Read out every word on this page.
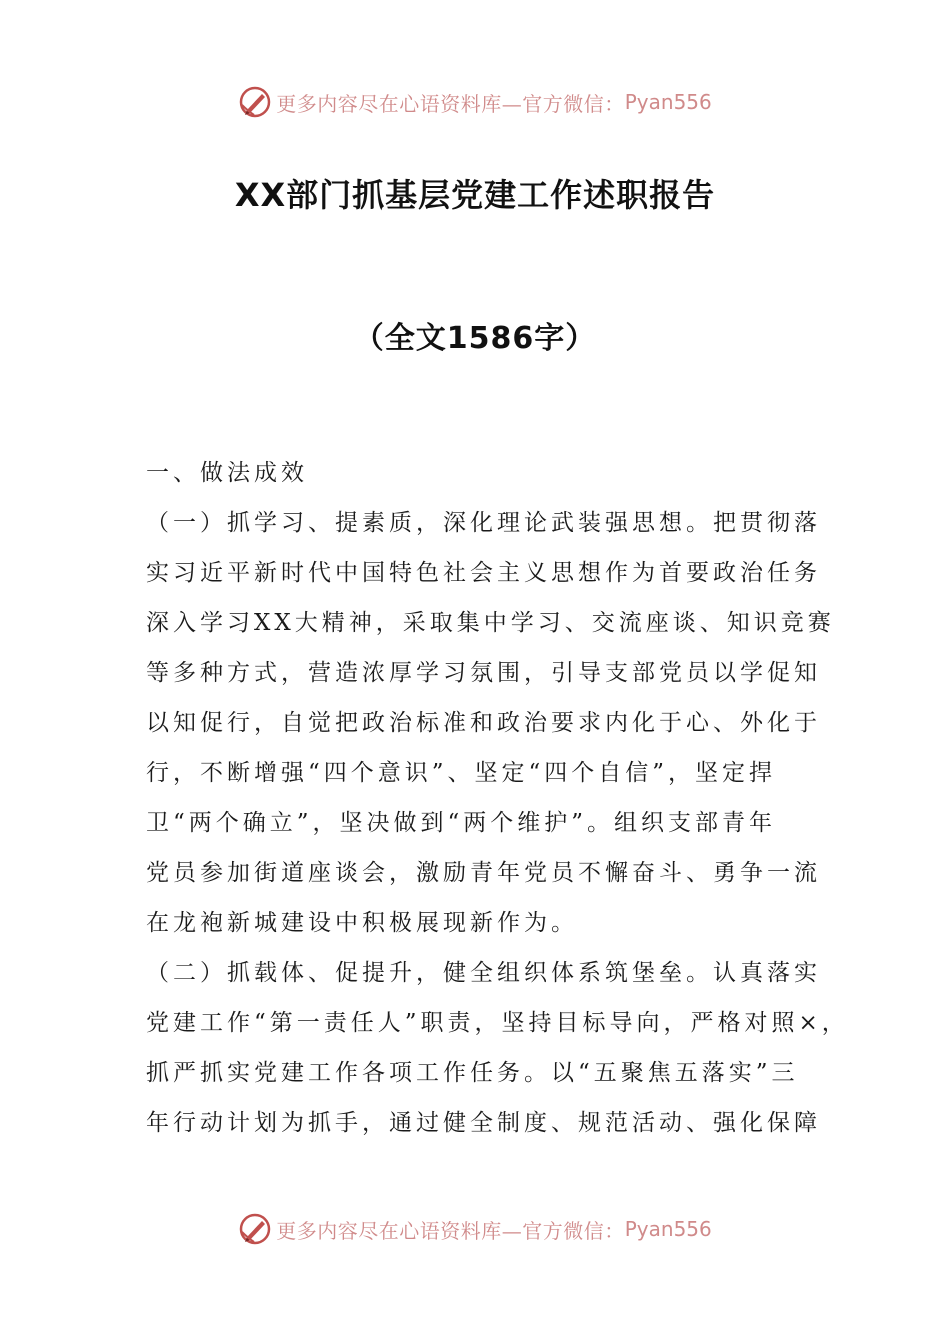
更多内容尽在心语资料库—官方微信： Pyan556
XX部门抓基层党建工作述职报告
（全文1586字）
一、做法成效
（一）抓学习、提素质，深化理论武装强思想。把贯彻落
实习近平新时代中国特色社会主义思想作为首要政治任务
深入学习XX大精神，采取集中学习、交流座谈、知识竞赛
等多种方式，营造浓厚学习氛围，引导支部党员以学促知
以知促行，自觉把政治标准和政治要求内化于心、外化于
行，不断增强“四个意识”、坚定“四个自信”，坚定捍
卫“两个确立”，坚决做到“两个维护”。组织支部青年
党员参加街道座谈会，激励青年党员不懈奋斗、勇争一流
在龙袍新城建设中积极展现新作为。
（二）抓载体、促提升，健全组织体系筑堡垒。认真落实
党建工作“第一责任人”职责，坚持目标导向，严格对照×，
抓严抓实党建工作各项工作任务。以“五聚焦五落实”三
年行动计划为抓手，通过健全制度、规范活动、强化保障
更多内容尽在心语资料库—官方微信： Pyan556
